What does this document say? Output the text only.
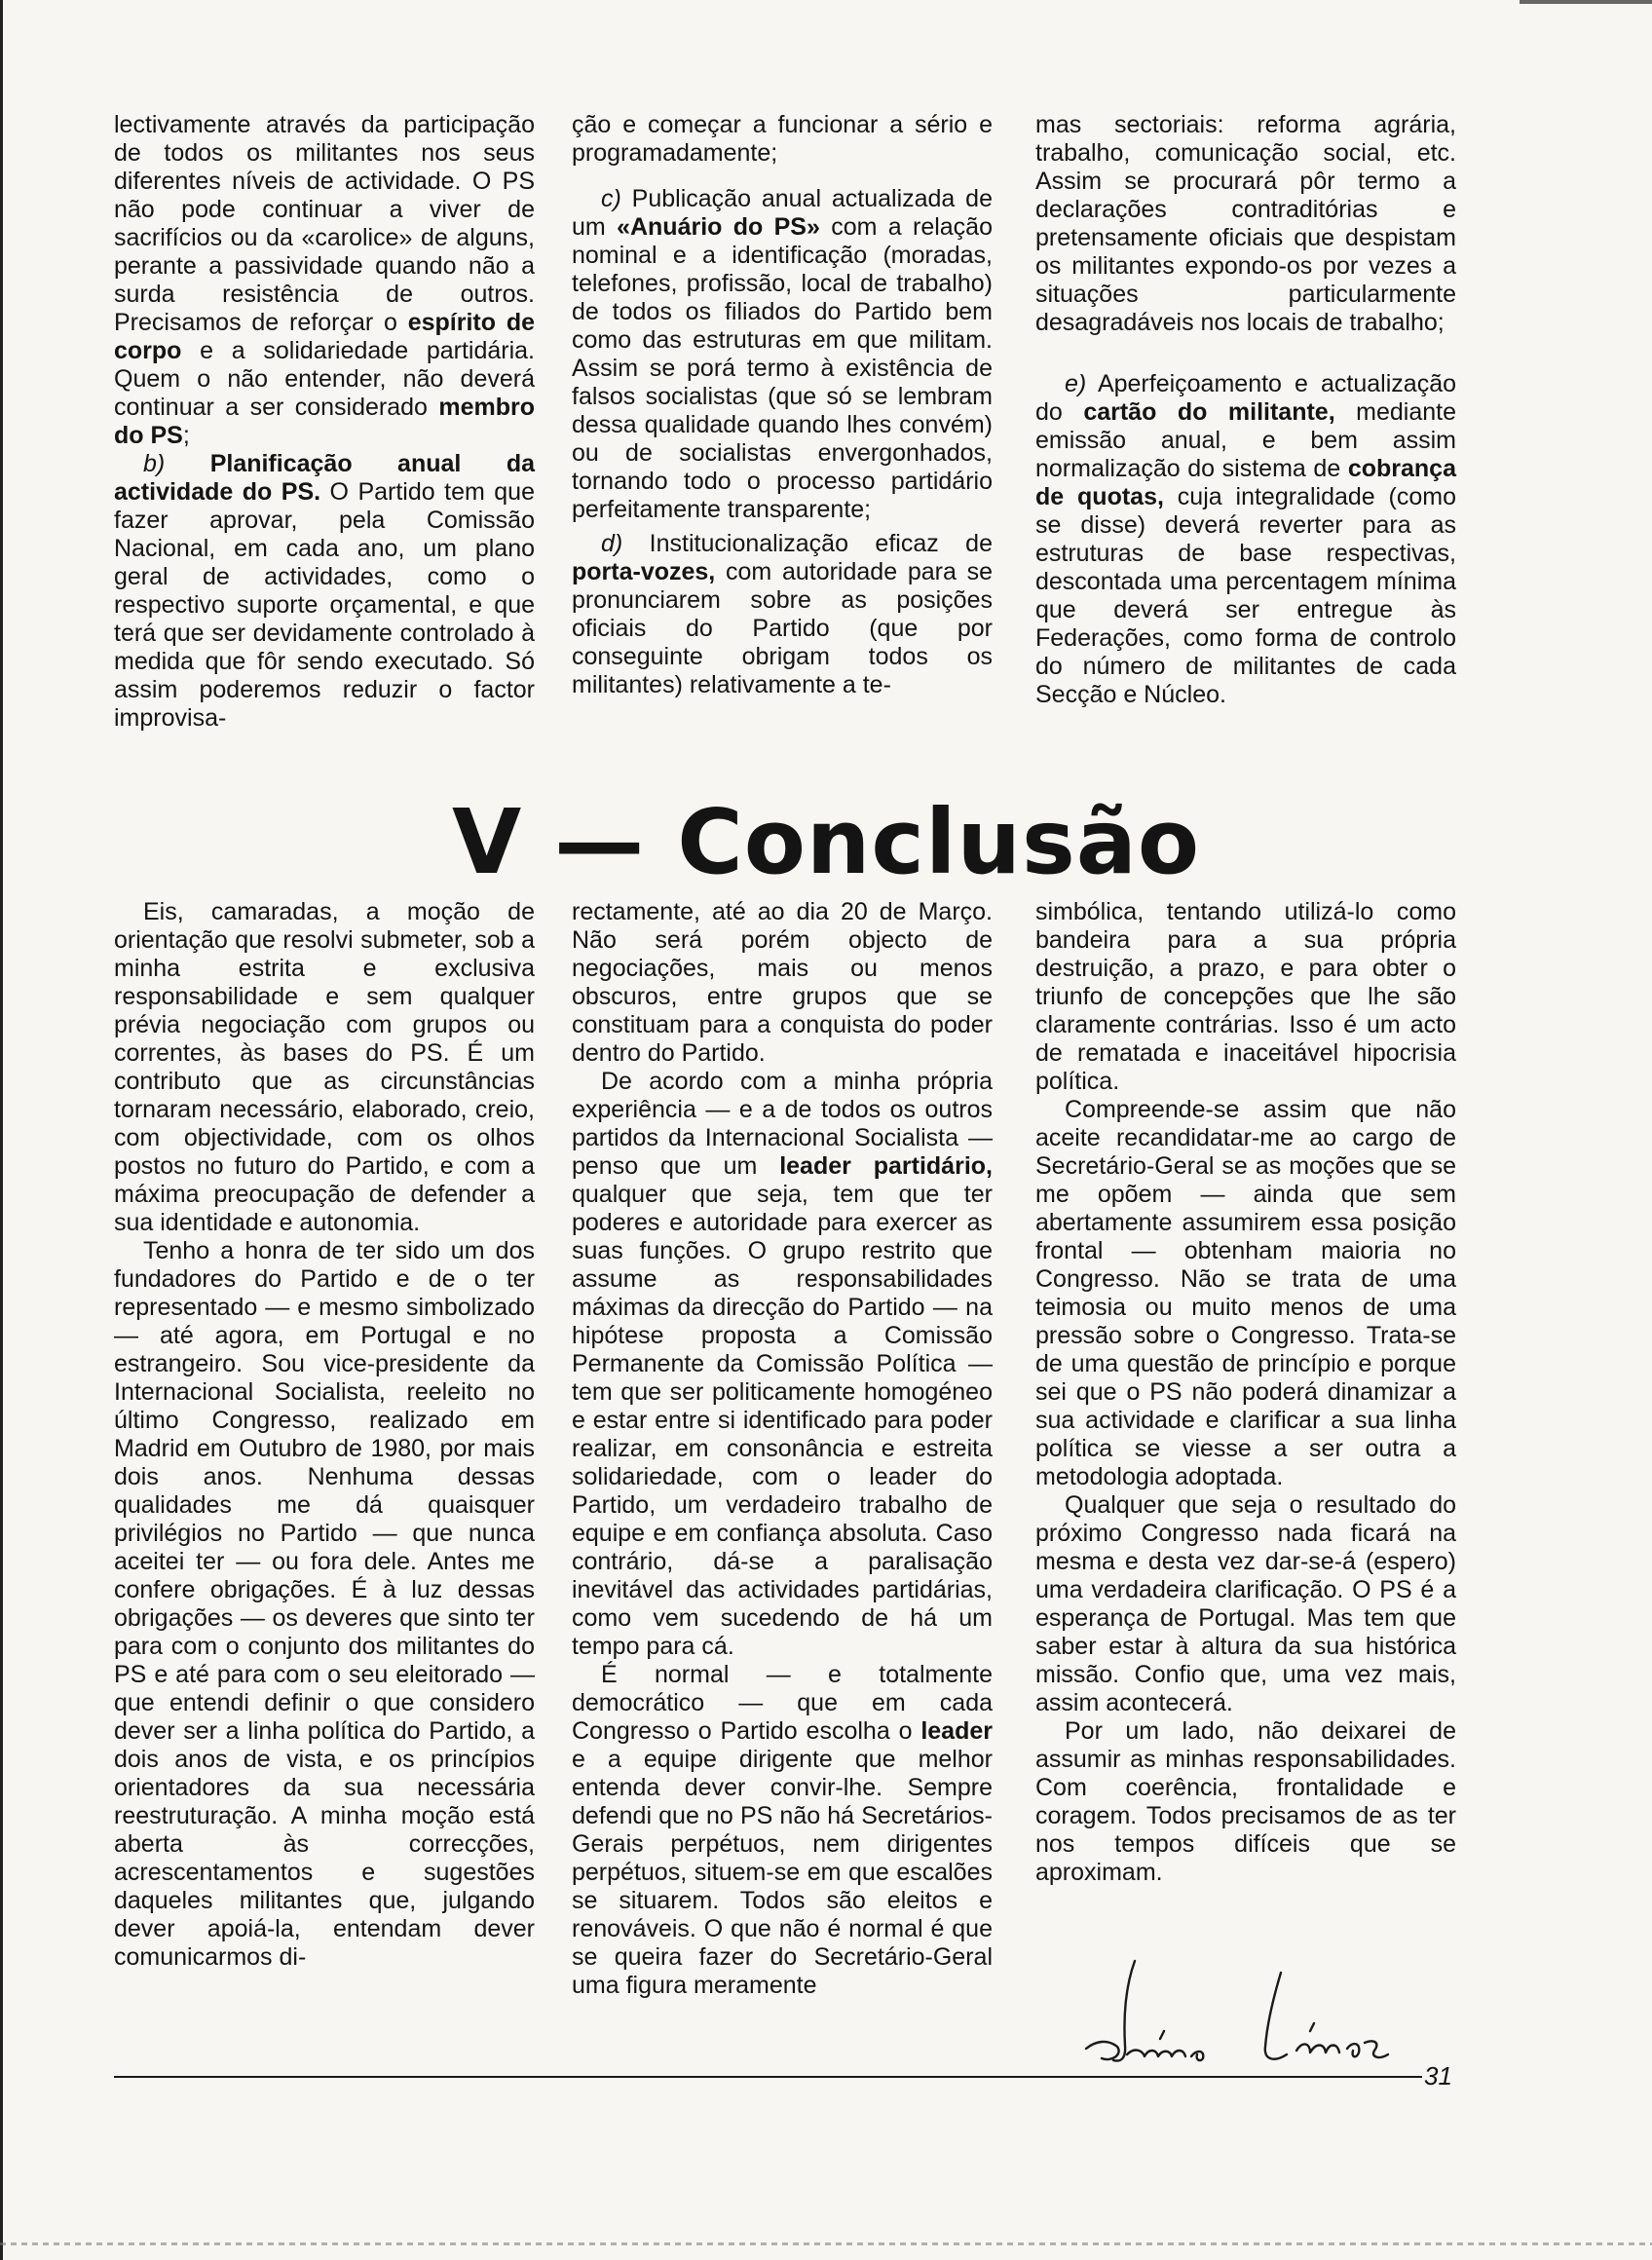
lectivamente através da participação de todos os militantes nos seus diferentes níveis de actividade. O PS não pode continuar a viver de sacrifícios ou da «carolice» de alguns, perante a passividade quando não a surda resistência de outros. Precisamos de reforçar o espírito de corpo e a solidariedade partidária. Quem o não entender, não deverá continuar a ser considerado membro do PS;

b) Planificação anual da actividade do PS. O Partido tem que fazer aprovar, pela Comissão Nacional, em cada ano, um plano geral de actividades, como o respectivo suporte orçamental, e que terá que ser devidamente controlado à medida que fôr sendo executado. Só assim poderemos reduzir o factor improvisa-

ção e começar a funcionar a sério e programadamente;

c) Publicação anual actualizada de um «Anuário do PS» com a relação nominal e a identificação (moradas, telefones, profissão, local de trabalho) de todos os filiados do Partido bem como das estruturas em que militam. Assim se porá termo à existência de falsos socialistas (que só se lembram dessa qualidade quando lhes convém) ou de socialistas envergonhados, tornando todo o processo partidário perfeitamente transparente;

d) Institucionalização eficaz de porta-vozes, com autoridade para se pronunciarem sobre as posições oficiais do Partido (que por conseguinte obrigam todos os militantes) relativamente a te-

mas sectoriais: reforma agrária, trabalho, comunicação social, etc. Assim se procurará pôr termo a declarações contraditórias e pretensamente oficiais que despistam os militantes expondo-os por vezes a situações particularmente desagradáveis nos locais de trabalho;

e) Aperfeiçoamento e actualização do cartão do militante, mediante emissão anual, e bem assim normalização do sistema de cobrança de quotas, cuja integralidade (como se disse) deverá reverter para as estruturas de base respectivas, descontada uma percentagem mínima que deverá ser entregue às Federações, como forma de controlo do número de militantes de cada Secção e Núcleo.

V — Conclusão

Eis, camaradas, a moção de orientação que resolvi submeter, sob a minha estrita e exclusiva responsabilidade e sem qualquer prévia negociação com grupos ou correntes, às bases do PS. É um contributo que as circunstâncias tornaram necessário, elaborado, creio, com objectividade, com os olhos postos no futuro do Partido, e com a máxima preocupação de defender a sua identidade e autonomia.

Tenho a honra de ter sido um dos fundadores do Partido e de o ter representado — e mesmo simbolizado — até agora, em Portugal e no estrangeiro. Sou vice-presidente da Internacional Socialista, reeleito no último Congresso, realizado em Madrid em Outubro de 1980, por mais dois anos. Nenhuma dessas qualidades me dá quaisquer privilégios no Partido — que nunca aceitei ter — ou fora dele. Antes me confere obrigações. É à luz dessas obrigações — os deveres que sinto ter para com o conjunto dos militantes do PS e até para com o seu eleitorado — que entendi definir o que considero dever ser a linha política do Partido, a dois anos de vista, e os princípios orientadores da sua necessária reestruturação. A minha moção está aberta às correcções, acrescentamentos e sugestões daqueles militantes que, julgando dever apoiá-la, entendam dever comunicarmos di-

rectamente, até ao dia 20 de Março. Não será porém objecto de negociações, mais ou menos obscuros, entre grupos que se constituam para a conquista do poder dentro do Partido.

De acordo com a minha própria experiência — e a de todos os outros partidos da Internacional Socialista — penso que um leader partidário, qualquer que seja, tem que ter poderes e autoridade para exercer as suas funções. O grupo restrito que assume as responsabilidades máximas da direcção do Partido — na hipótese proposta a Comissão Permanente da Comissão Política — tem que ser politicamente homogéneo e estar entre si identificado para poder realizar, em consonância e estreita solidariedade, com o leader do Partido, um verdadeiro trabalho de equipe e em confiança absoluta. Caso contrário, dá-se a paralisação inevitável das actividades partidárias, como vem sucedendo de há um tempo para cá.

É normal — e totalmente democrático — que em cada Congresso o Partido escolha o leader e a equipe dirigente que melhor entenda dever convir-lhe. Sempre defendi que no PS não há Secretários-Gerais perpétuos, nem dirigentes perpétuos, situem-se em que escalões se situarem. Todos são eleitos e renováveis. O que não é normal é que se queira fazer do Secretário-Geral uma figura meramente

simbólica, tentando utilizá-lo como bandeira para a sua própria destruição, a prazo, e para obter o triunfo de concepções que lhe são claramente contrárias. Isso é um acto de rematada e inaceitável hipocrisia política.

Compreende-se assim que não aceite recandidatar-me ao cargo de Secretário-Geral se as moções que se me opõem — ainda que sem abertamente assumirem essa posição frontal — obtenham maioria no Congresso. Não se trata de uma teimosia ou muito menos de uma pressão sobre o Congresso. Trata-se de uma questão de princípio e porque sei que o PS não poderá dinamizar a sua actividade e clarificar a sua linha política se viesse a ser outra a metodologia adoptada.

Qualquer que seja o resultado do próximo Congresso nada ficará na mesma e desta vez dar-se-á (espero) uma verdadeira clarificação. O PS é a esperança de Portugal. Mas tem que saber estar à altura da sua histórica missão. Confio que, uma vez mais, assim acontecerá.

Por um lado, não deixarei de assumir as minhas responsabilidades. Com coerência, frontalidade e coragem. Todos precisamos de as ter nos tempos difíceis que se aproximam.

31
